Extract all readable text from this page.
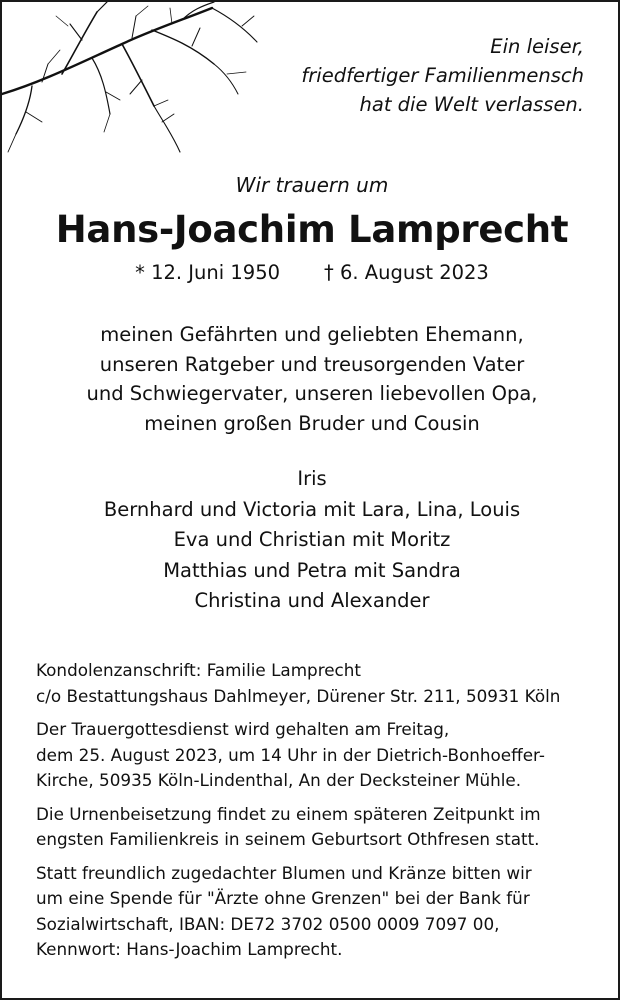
Ein leiser,
friedfertiger Familienmensch
hat die Welt verlassen.
Wir trauern um
Hans-Joachim Lamprecht
* 12. Juni 1950 † 6. August 2023
meinen Gefährten und geliebten Ehemann,
unseren Ratgeber und treusorgenden Vater
und Schwiegervater, unseren liebevollen Opa,
meinen großen Bruder und Cousin
Iris
Bernhard und Victoria mit Lara, Lina, Louis
Eva und Christian mit Moritz
Matthias und Petra mit Sandra
Christina und Alexander

Kondolenzanschrift: Familie Lamprecht
c/o Bestattungshaus Dahlmeyer, Dürener Str. 211, 50931 Köln

Der Trauergottesdienst wird gehalten am Freitag,
dem 25. August 2023, um 14 Uhr in der Dietrich-Bonhoeffer-
Kirche, 50935 Köln-Lindenthal, An der Decksteiner Mühle.

Die Urnenbeisetzung findet zu einem späteren Zeitpunkt im
engsten Familienkreis in seinem Geburtsort Othfresen statt.

Statt freundlich zugedachter Blumen und Kränze bitten wir
um eine Spende für "Ärzte ohne Grenzen" bei der Bank für
Sozialwirtschaft, IBAN: DE72 3702 0500 0009 7097 00,
Kennwort: Hans-Joachim Lamprecht.
